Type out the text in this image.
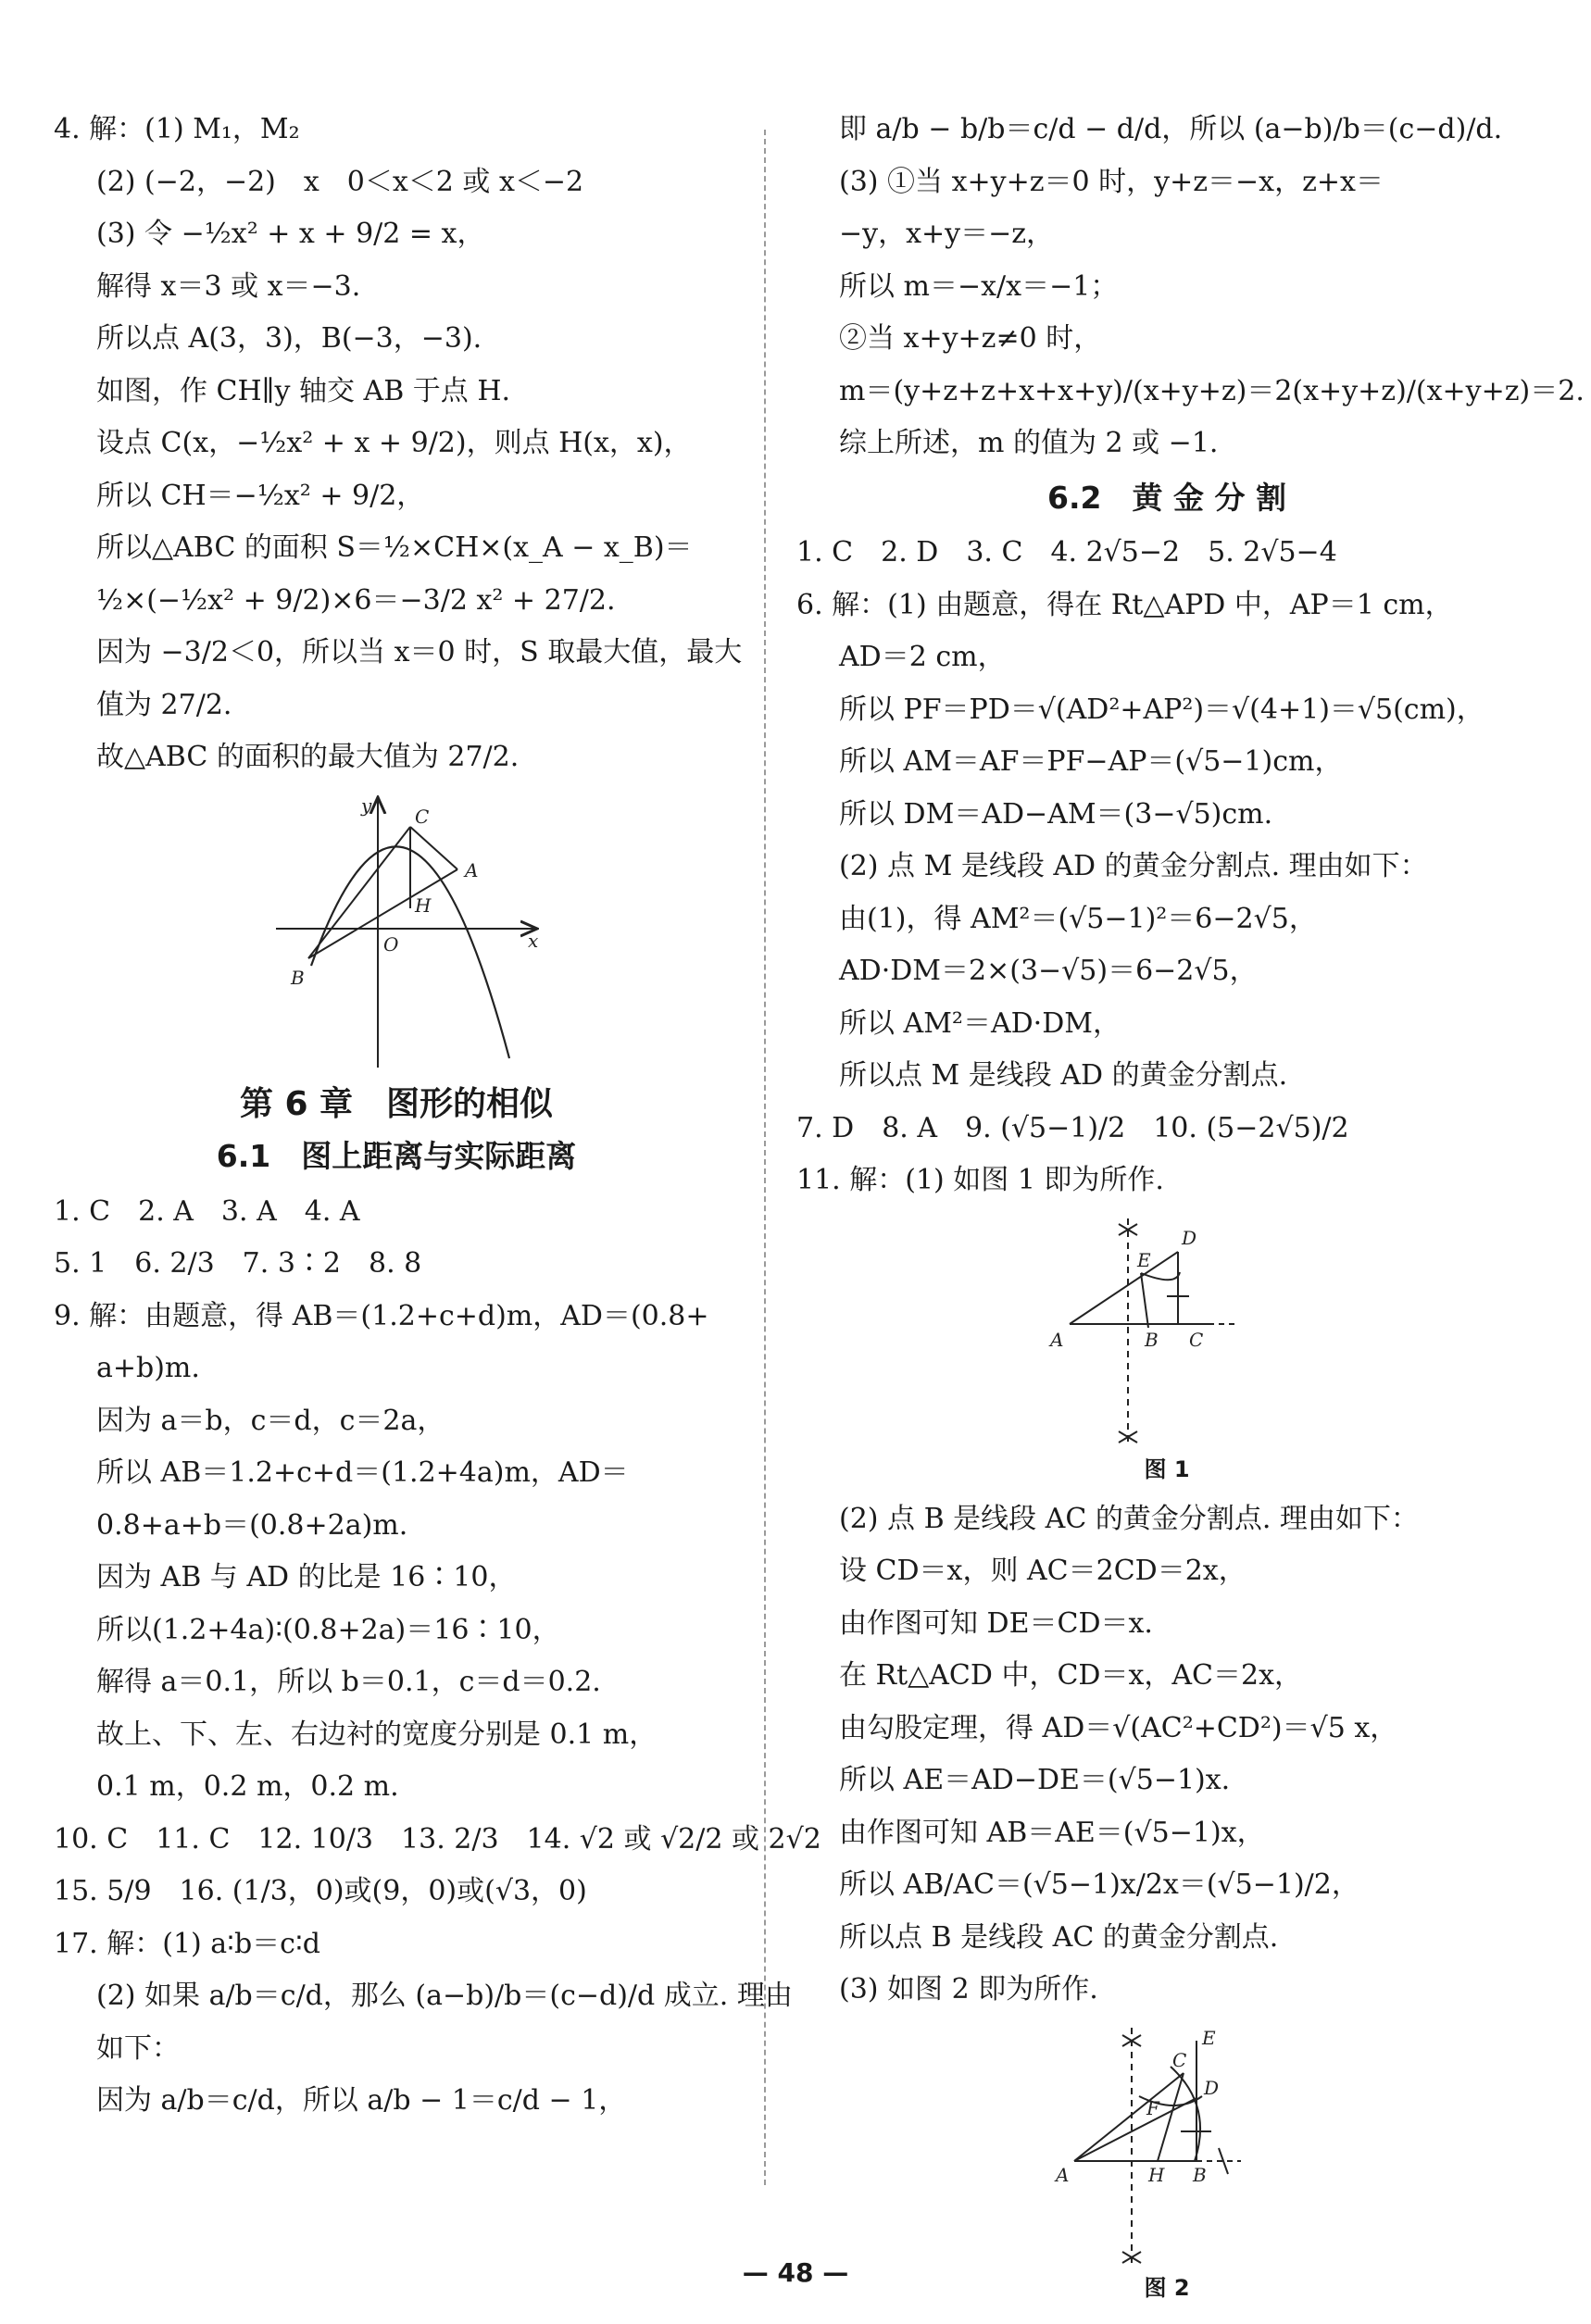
4. 解：(1) M₁，M₂
(2) (−2，−2)　x　0＜x＜2 或 x＜−2
(3) 令 −½x² + x + 9/2 = x，
解得 x＝3 或 x＝−3.
所以点 A(3，3)，B(−3，−3).
如图，作 CH∥y 轴交 AB 于点 H.
设点 C(x，−½x² + x + 9/2)，则点 H(x，x)，
所以 CH＝−½x² + 9/2，
所以△ABC 的面积 S＝½×CH×(x_A − x_B)＝
½×(−½x² + 9/2)×6＝−3/2 x² + 27/2.
因为 −3/2＜0，所以当 x＝0 时，S 取最大值，最大
值为 27/2.
故△ABC 的面积的最大值为 27/2.
y C
A
H
O	x
B
第 6 章　图形的相似
6.1　图上距离与实际距离
1. C　2. A　3. A　4. A
5. 1　6. 2/3　7. 3∶2　8. 8
9. 解：由题意，得 AB＝(1.2+c+d)m，AD＝(0.8+
a+b)m.
因为 a＝b，c＝d，c＝2a，
所以 AB＝1.2+c+d＝(1.2+4a)m，AD＝
0.8+a+b＝(0.8+2a)m.
因为 AB 与 AD 的比是 16∶10，
所以(1.2+4a)∶(0.8+2a)＝16∶10，
解得 a＝0.1，所以 b＝0.1，c＝d＝0.2.
故上、下、左、右边衬的宽度分别是 0.1 m，
0.1 m，0.2 m，0.2 m.
10. C　11. C　12. 10/3　13. 2/3　14. √2 或 √2/2 或 2√2
15. 5/9　16. (1/3，0)或(9，0)或(√3，0)
17. 解：(1) a∶b＝c∶d
(2) 如果 a/b＝c/d，那么 (a−b)/b＝(c−d)/d 成立. 理由
如下：
因为 a/b＝c/d，所以 a/b − 1＝c/d − 1，
即 a/b − b/b＝c/d − d/d，所以 (a−b)/b＝(c−d)/d.
(3) ①当 x+y+z＝0 时，y+z＝−x，z+x＝
−y，x+y＝−z，
所以 m＝−x/x＝−1；
②当 x+y+z≠0 时，
m＝(y+z+z+x+x+y)/(x+y+z)＝2(x+y+z)/(x+y+z)＝2.
综上所述，m 的值为 2 或 −1.
6.2　黄 金 分 割
1. C　2. D　3. C　4. 2√5−2　5. 2√5−4
6. 解：(1) 由题意，得在 Rt△APD 中，AP＝1 cm，
AD＝2 cm，
所以 PF＝PD＝√(AD²+AP²)＝√(4+1)＝√5(cm)，
所以 AM＝AF＝PF−AP＝(√5−1)cm，
所以 DM＝AD−AM＝(3−√5)cm.
(2) 点 M 是线段 AD 的黄金分割点. 理由如下：
由(1)，得 AM²＝(√5−1)²＝6−2√5，
AD·DM＝2×(3−√5)＝6−2√5，
所以 AM²＝AD·DM，
所以点 M 是线段 AD 的黄金分割点.
7. D　8. A　9. (√5−1)/2　10. (5−2√5)/2
11. 解：(1) 如图 1 即为所作.
E
D
A	B C
图 1
(2) 点 B 是线段 AC 的黄金分割点. 理由如下：
设 CD＝x，则 AC＝2CD＝2x，
由作图可知 DE＝CD＝x.
在 Rt△ACD 中，CD＝x，AC＝2x，
由勾股定理，得 AD＝√(AC²+CD²)＝√5 x，
所以 AE＝AD−DE＝(√5−1)x.
由作图可知 AB＝AE＝(√5−1)x，
所以 AB/AC＝(√5−1)x/2x＝(√5−1)/2，
所以点 B 是线段 AC 的黄金分割点.
(3) 如图 2 即为所作.
C
E
D
F
A	H B
图 2
— 48 —
